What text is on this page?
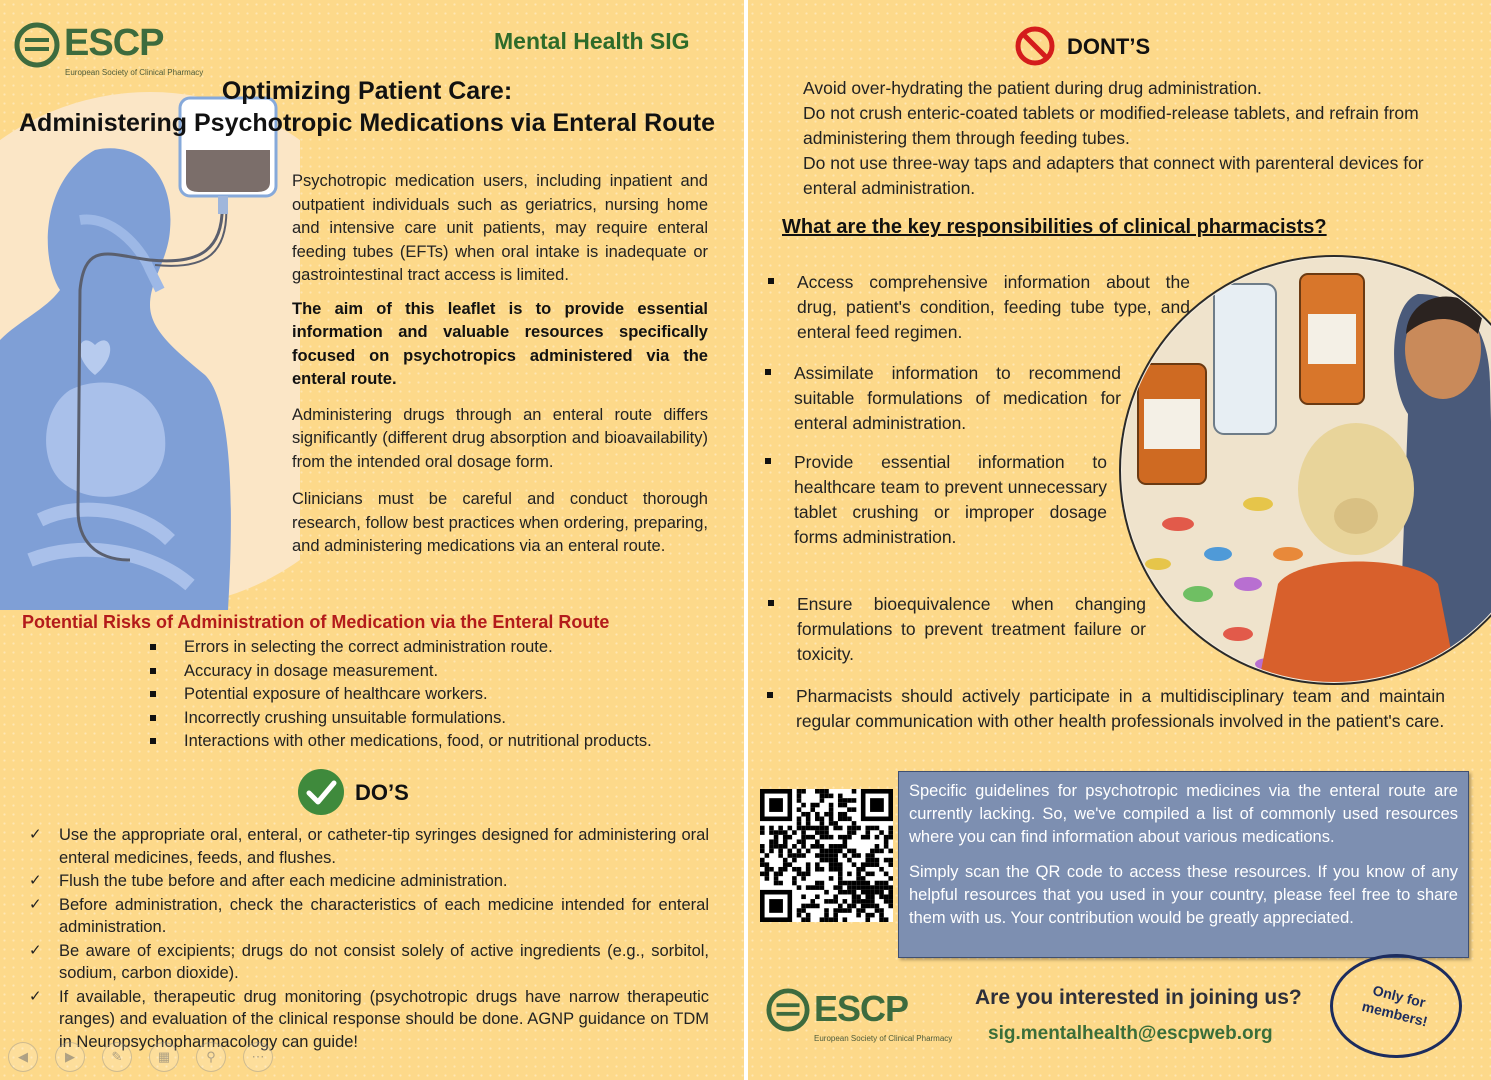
ESCP
European Society of Clinical Pharmacy
Mental Health SIG
Optimizing Patient Care:
Administering Psychotropic Medications via Enteral Route

Psychotropic medication users, including inpatient and outpatient individuals such as geriatrics, nursing home and intensive care unit patients, may require enteral feeding tubes (EFTs) when oral intake is inadequate or gastrointestinal tract access is limited.

The aim of this leaflet is to provide essential information and valuable resources specifically focused on psychotropics administered via the enteral route.

Administering drugs through an enteral route differs significantly (different drug absorption and bioavailability) from the intended oral dosage form.

Clinicians must be careful and conduct thorough research, follow best practices when ordering, preparing, and administering medications via an enteral route.

Potential Risks of Administration of Medication via the Enteral Route
Errors in selecting the correct administration route.
Accuracy in dosage measurement.
Potential exposure of healthcare workers.
Incorrectly crushing unsuitable formulations.
Interactions with other medications, food, or nutritional products.
DO’S
✓ Use the appropriate oral, enteral, or catheter-tip syringes designed for administering oral enteral medicines, feeds, and flushes.
✓ Flush the tube before and after each medicine administration.
✓ Before administration, check the characteristics of each medicine intended for enteral administration.
✓ Be aware of excipients; drugs do not consist solely of active ingredients (e.g., sorbitol, sodium, carbon dioxide).
✓ If available, therapeutic drug monitoring (psychotropic drugs have narrow therapeutic ranges) and evaluation of the clinical response should be done. AGNP guidance on TDM in Neuropsychopharmacology can guide!
◀	▶	✎	▦	⚲	⋯
DONT’S
Avoid over-hydrating the patient during drug administration.
Do not crush enteric-coated tablets or modified-release tablets, and refrain from administering them through feeding tubes.
Do not use three-way taps and adapters that connect with parenteral devices for enteral administration.
What are the key responsibilities of clinical pharmacists?
Access comprehensive information about the drug, patient's condition, feeding tube type, and enteral feed regimen.
Assimilate information to recommend suitable formulations of medication for enteral administration.
Provide essential information to healthcare team to prevent unnecessary tablet crushing or improper dosage forms administration.
Ensure bioequivalence when changing formulations to prevent treatment failure or toxicity.
Pharmacists should actively participate in a multidisciplinary team and maintain regular communication with other health professionals involved in the patient's care.

Specific guidelines for psychotropic medicines via the enteral route are currently lacking. So, we've compiled a list of commonly used resources where you can find information about various medications.

Simply scan the QR code to access these resources. If you know of any helpful resources that you used in your country, please feel free to share them with us. Your contribution would be greatly appreciated.

ESCP
European Society of Clinical Pharmacy
Are you interested in joining us?
sig.mentalhealth@escpweb.org
Only for members!
